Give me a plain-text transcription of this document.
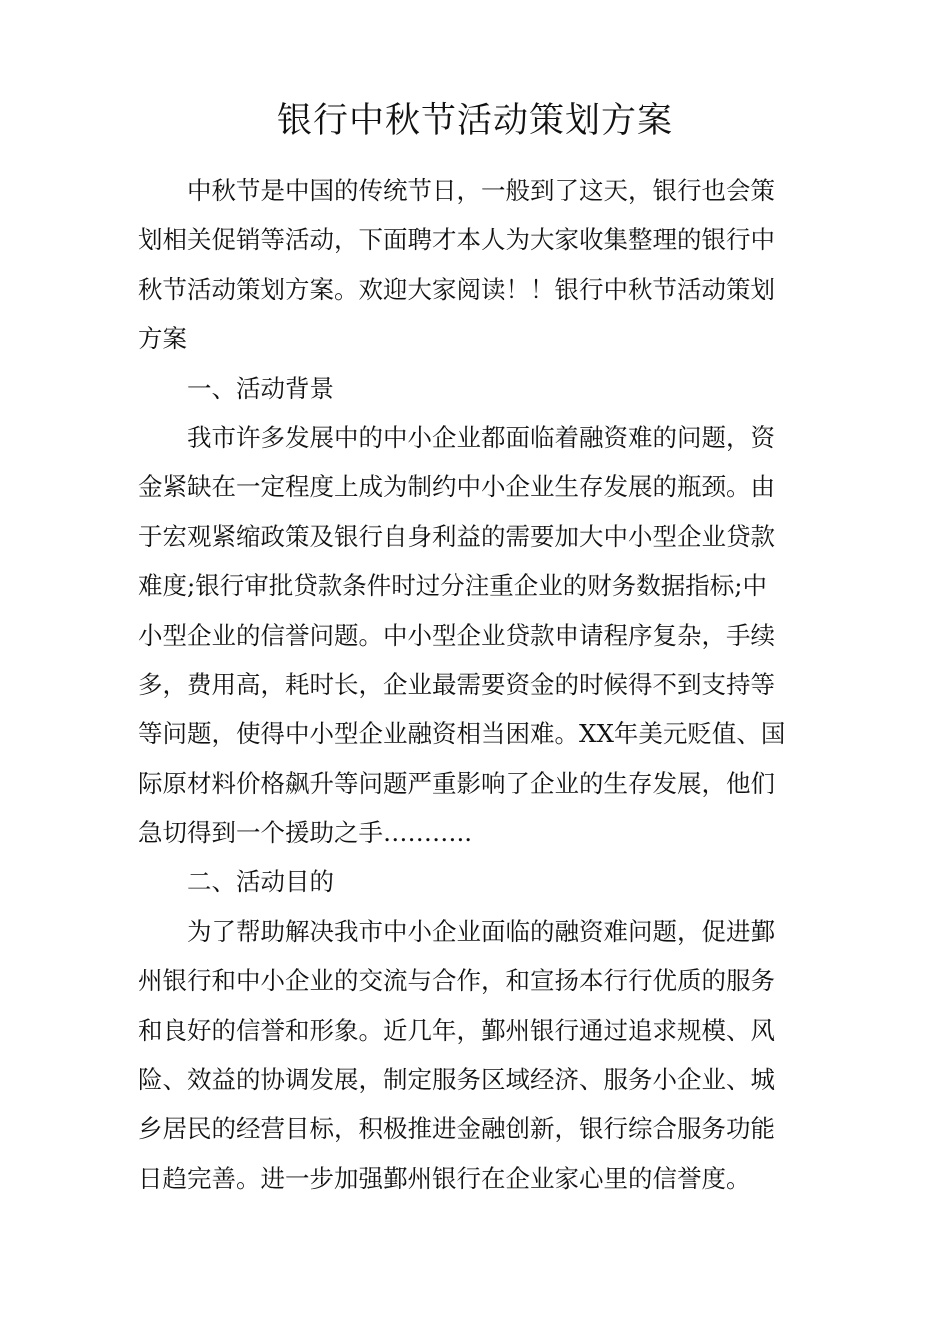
银行中秋节活动策划方案
中秋节是中国的传统节日，一般到了这天，银行也会策
划相关促销等活动，下面聘才本人为大家收集整理的银行中
秋节活动策划方案。欢迎大家阅读！！银行中秋节活动策划
方案
一、活动背景
我市许多发展中的中小企业都面临着融资难的问题，资
金紧缺在一定程度上成为制约中小企业生存发展的瓶颈。由
于宏观紧缩政策及银行自身利益的需要加大中小型企业贷款
难度;银行审批贷款条件时过分注重企业的财务数据指标;中
小型企业的信誉问题。中小型企业贷款申请程序复杂，手续
多，费用高，耗时长，企业最需要资金的时候得不到支持等
等问题，使得中小型企业融资相当困难。XX年美元贬值、国
际原材料价格飙升等问题严重影响了企业的生存发展，他们
急切得到一个援助之手………..
二、活动目的
为了帮助解决我市中小企业面临的融资难问题，促进鄞
州银行和中小企业的交流与合作，和宣扬本行行优质的服务
和良好的信誉和形象。近几年，鄞州银行通过追求规模、风
险、效益的协调发展，制定服务区域经济、服务小企业、城
乡居民的经营目标，积极推进金融创新，银行综合服务功能
日趋完善。进一步加强鄞州银行在企业家心里的信誉度。
